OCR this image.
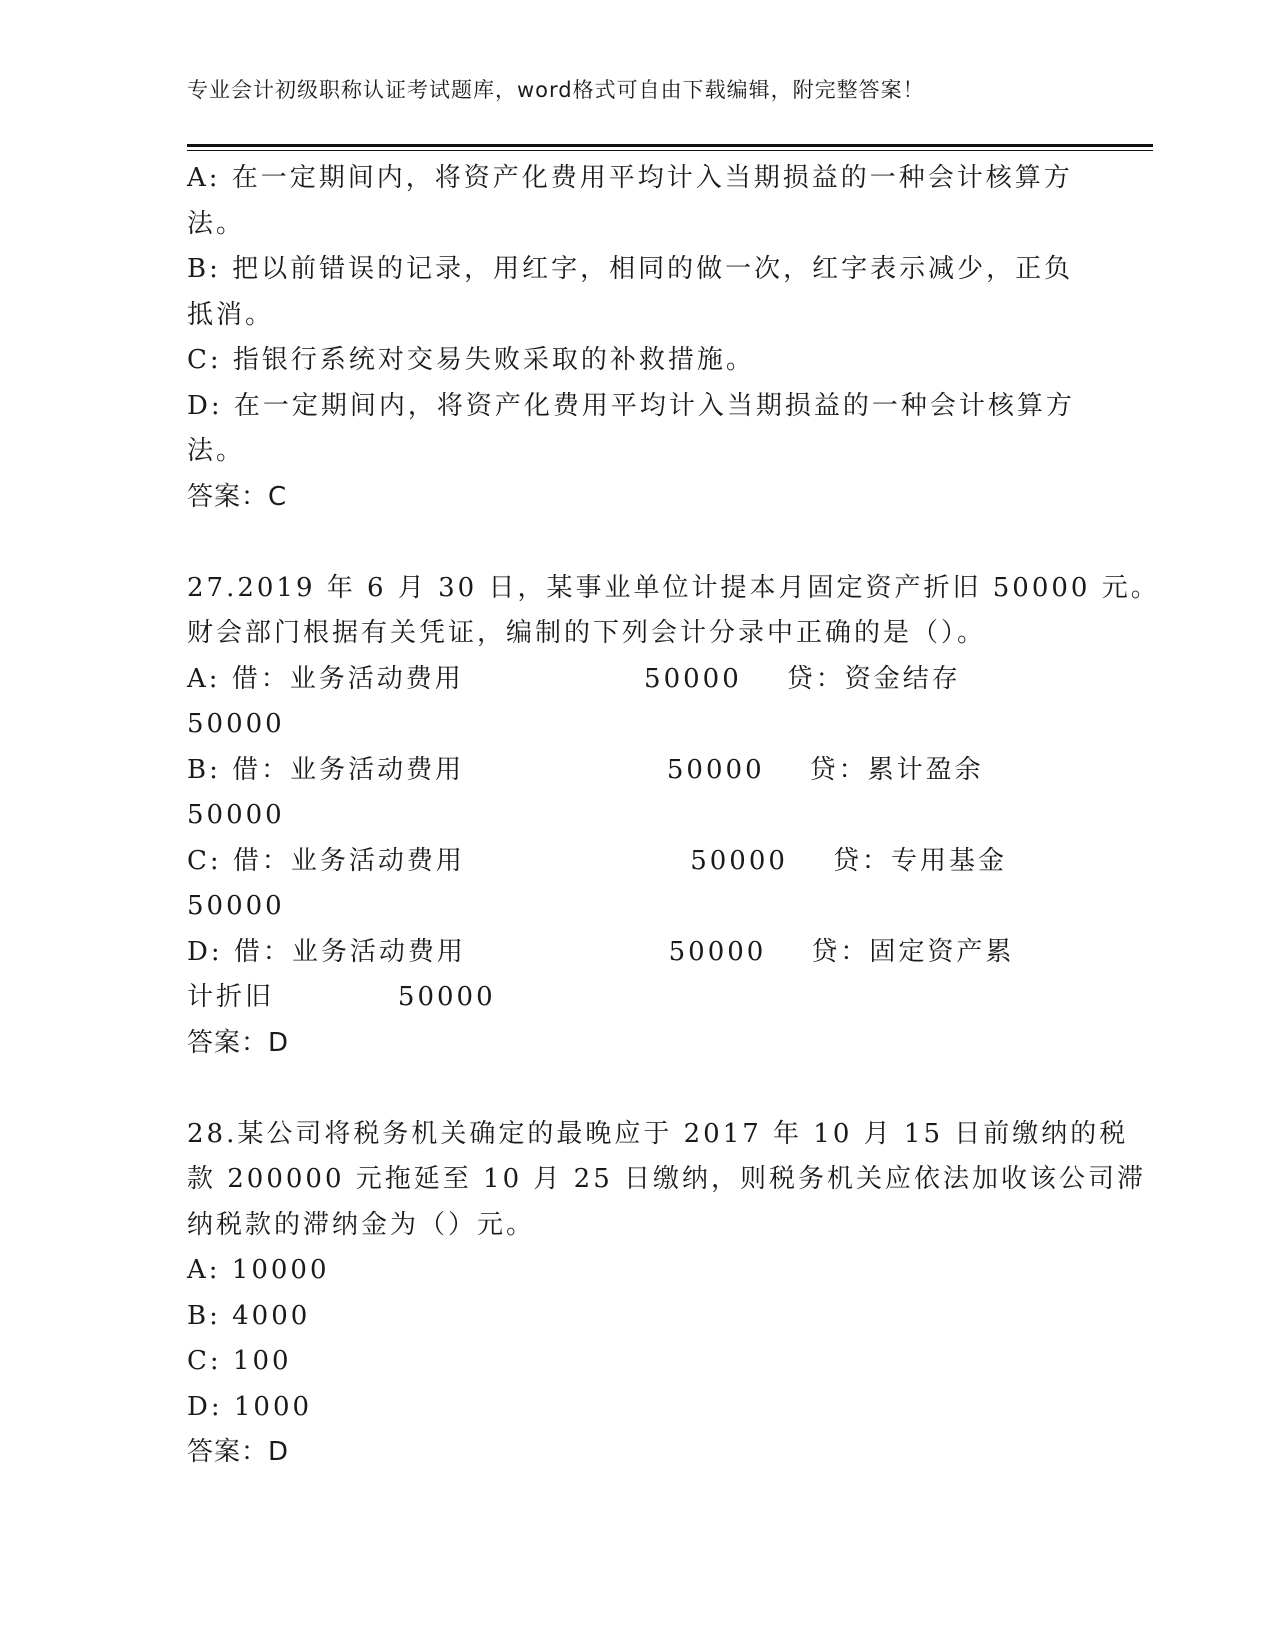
专业会计初级职称认证考试题库，word格式可自由下载编辑，附完整答案！
A: 在一定期间内，将资产化费用平均计入当期损益的一种会计核算方
法。
B: 把以前错误的记录，用红字，相同的做一次，红字表示减少，正负
抵消。
C: 指银行系统对交易失败采取的补救措施。
D: 在一定期间内，将资产化费用平均计入当期损益的一种会计核算方
法。
答案：C
27.2019 年 6 月 30 日，某事业单位计提本月固定资产折旧 50000 元。
财会部门根据有关凭证，编制的下列会计分录中正确的是（）。
A: 借：业务活动费用                50000    贷：资金结存
50000
B: 借：业务活动费用                  50000    贷：累计盈余
50000
C: 借：业务活动费用                    50000    贷：专用基金
50000
D: 借：业务活动费用                  50000    贷：固定资产累
计折旧           50000
答案：D
28.某公司将税务机关确定的最晚应于 2017 年 10 月 15 日前缴纳的税
款 200000 元拖延至 10 月 25 日缴纳，则税务机关应依法加收该公司滞
纳税款的滞纳金为（）元。
A: 10000
B: 4000
C: 100
D: 1000
答案：D
